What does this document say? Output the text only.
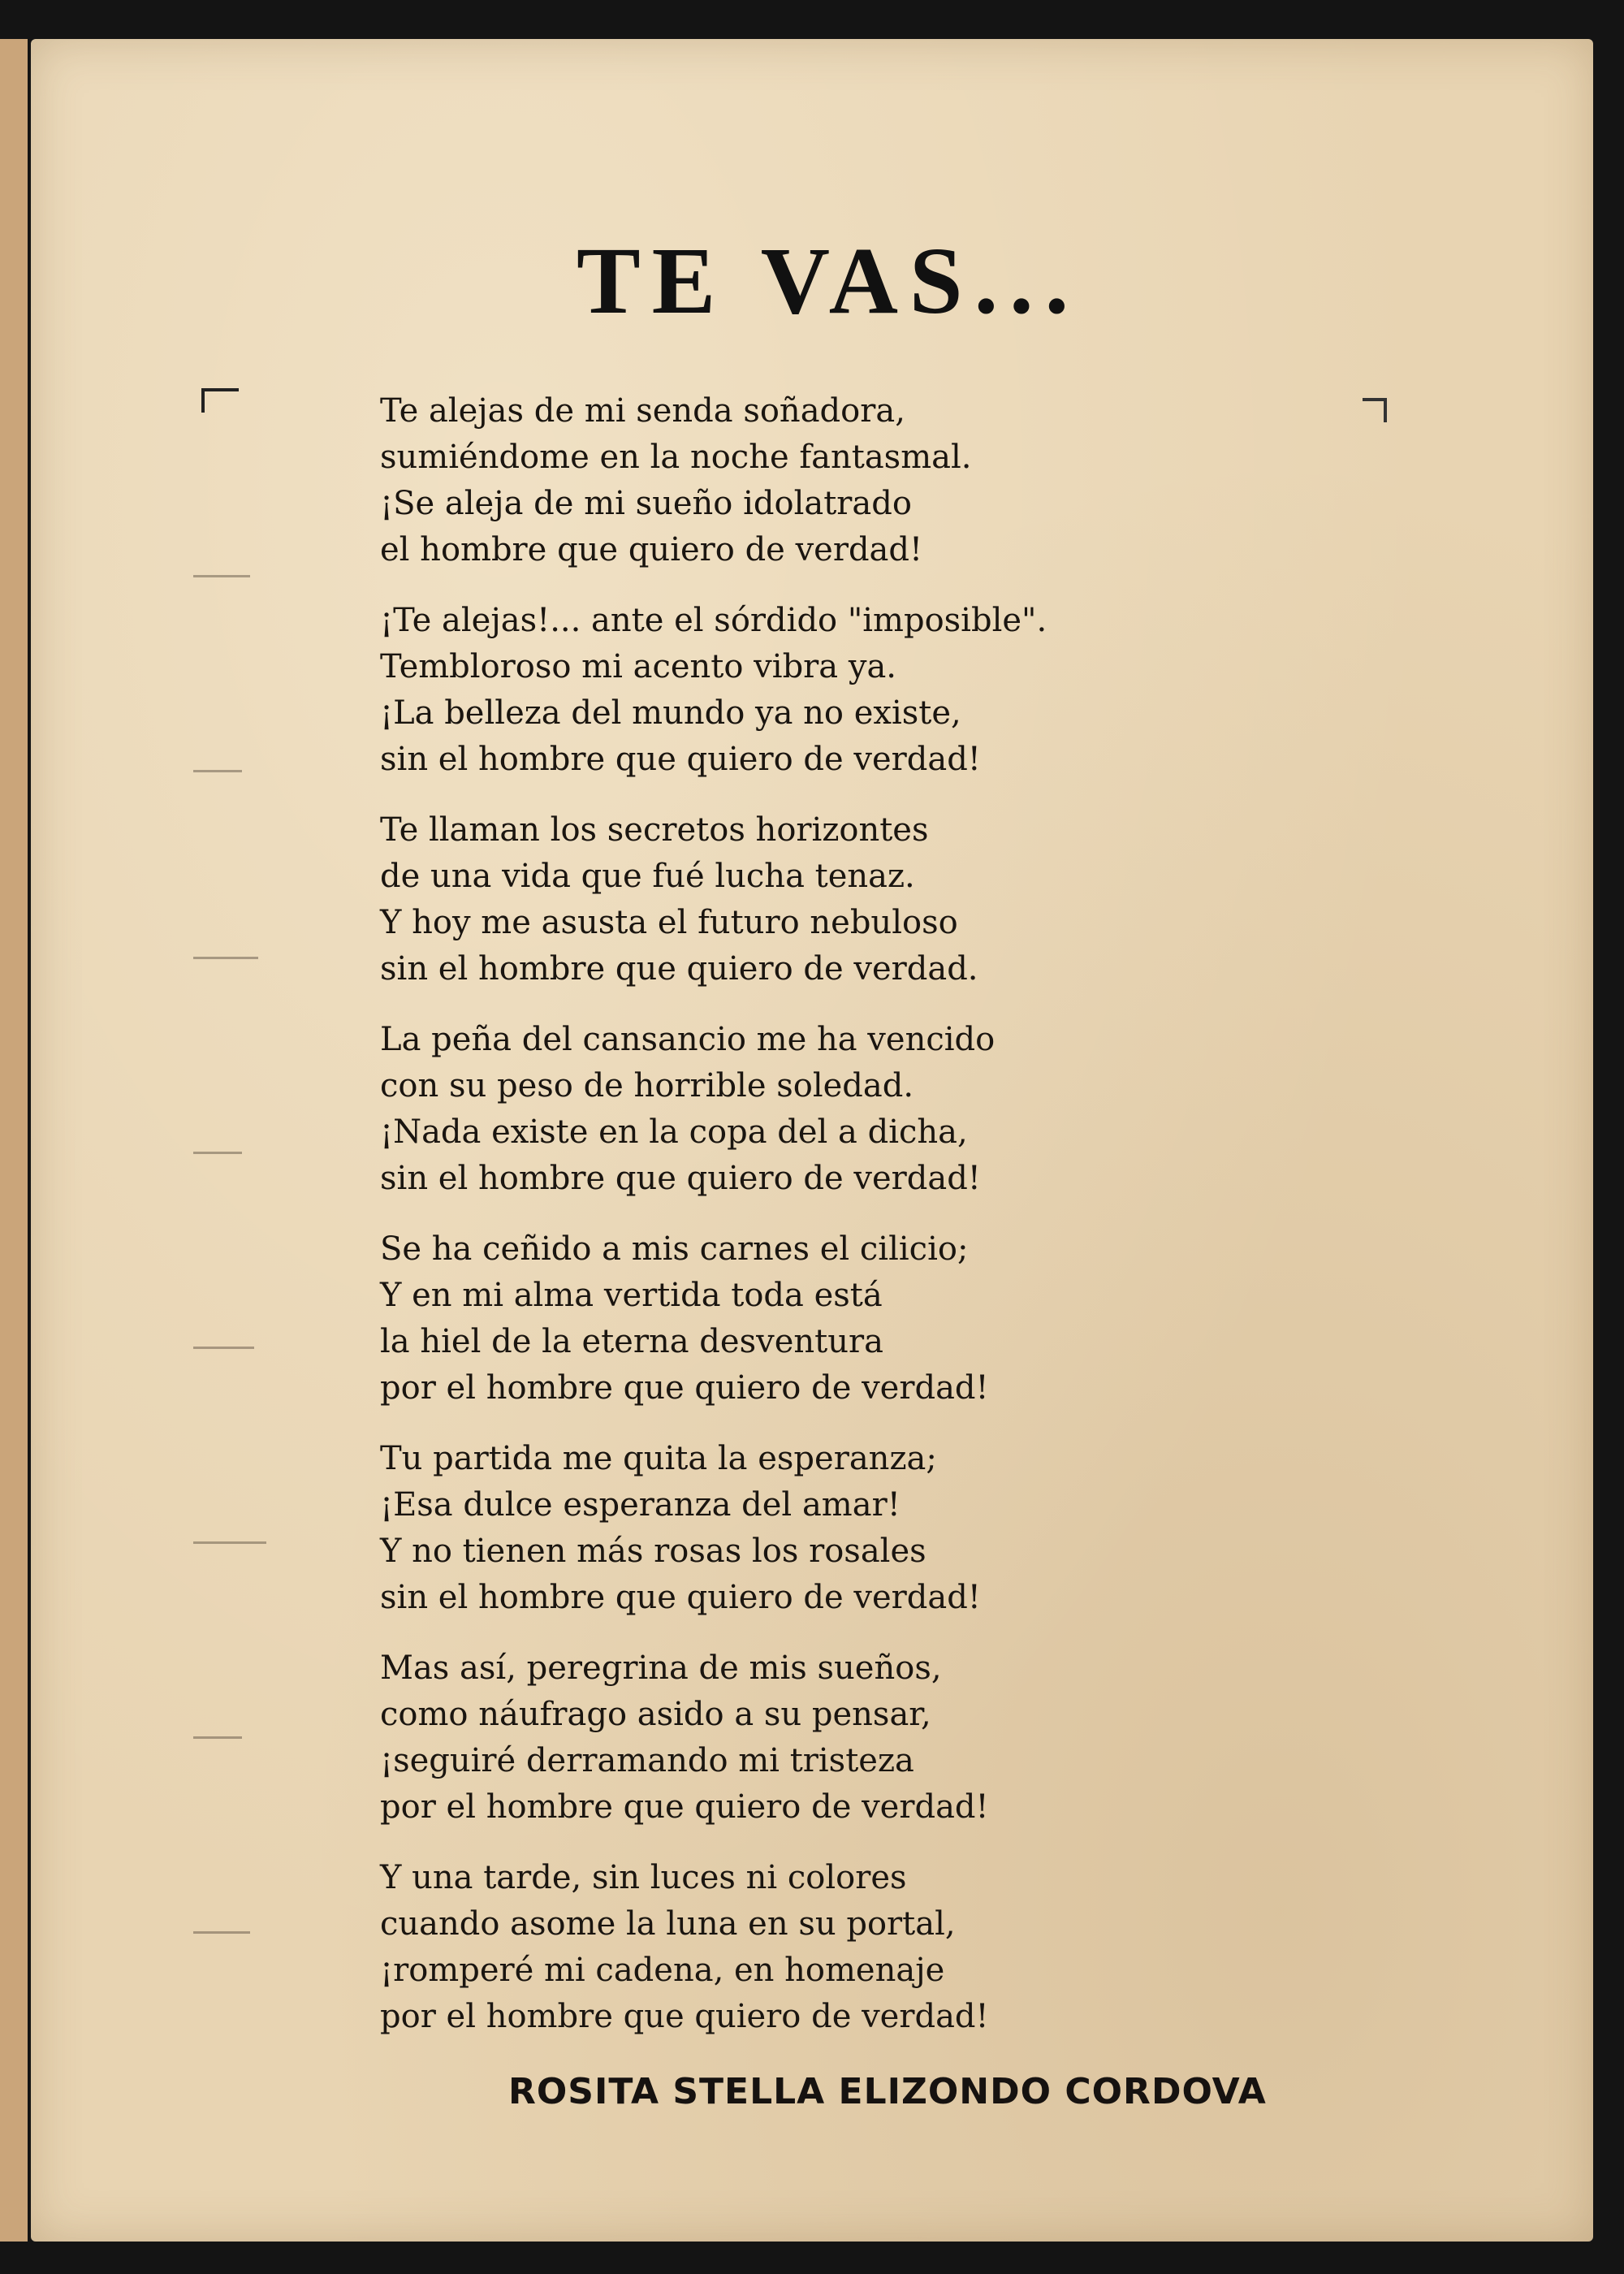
TE VAS...
Te alejas de mi senda soñadora,
sumiéndome en la noche fantasmal.
¡Se aleja de mi sueño idolatrado
el hombre que quiero de verdad!
¡Te alejas!... ante el sórdido "imposible".
Tembloroso mi acento vibra ya.
¡La belleza del mundo ya no existe,
sin el hombre que quiero de verdad!
Te llaman los secretos horizontes
de una vida que fué lucha tenaz.
Y hoy me asusta el futuro nebuloso
sin el hombre que quiero de verdad.
La peña del cansancio me ha vencido
con su peso de horrible soledad.
¡Nada existe en la copa del a dicha,
sin el hombre que quiero de verdad!
Se ha ceñido a mis carnes el cilicio;
Y en mi alma vertida toda está
la hiel de la eterna desventura
por el hombre que quiero de verdad!
Tu partida me quita la esperanza;
¡Esa dulce esperanza del amar!
Y no tienen más rosas los rosales
sin el hombre que quiero de verdad!
Mas así, peregrina de mis sueños,
como náufrago asido a su pensar,
¡seguiré derramando mi tristeza
por el hombre que quiero de verdad!
Y una tarde, sin luces ni colores
cuando asome la luna en su portal,
¡romperé mi cadena, en homenaje
por el hombre que quiero de verdad!
ROSITA STELLA ELIZONDO CORDOVA
